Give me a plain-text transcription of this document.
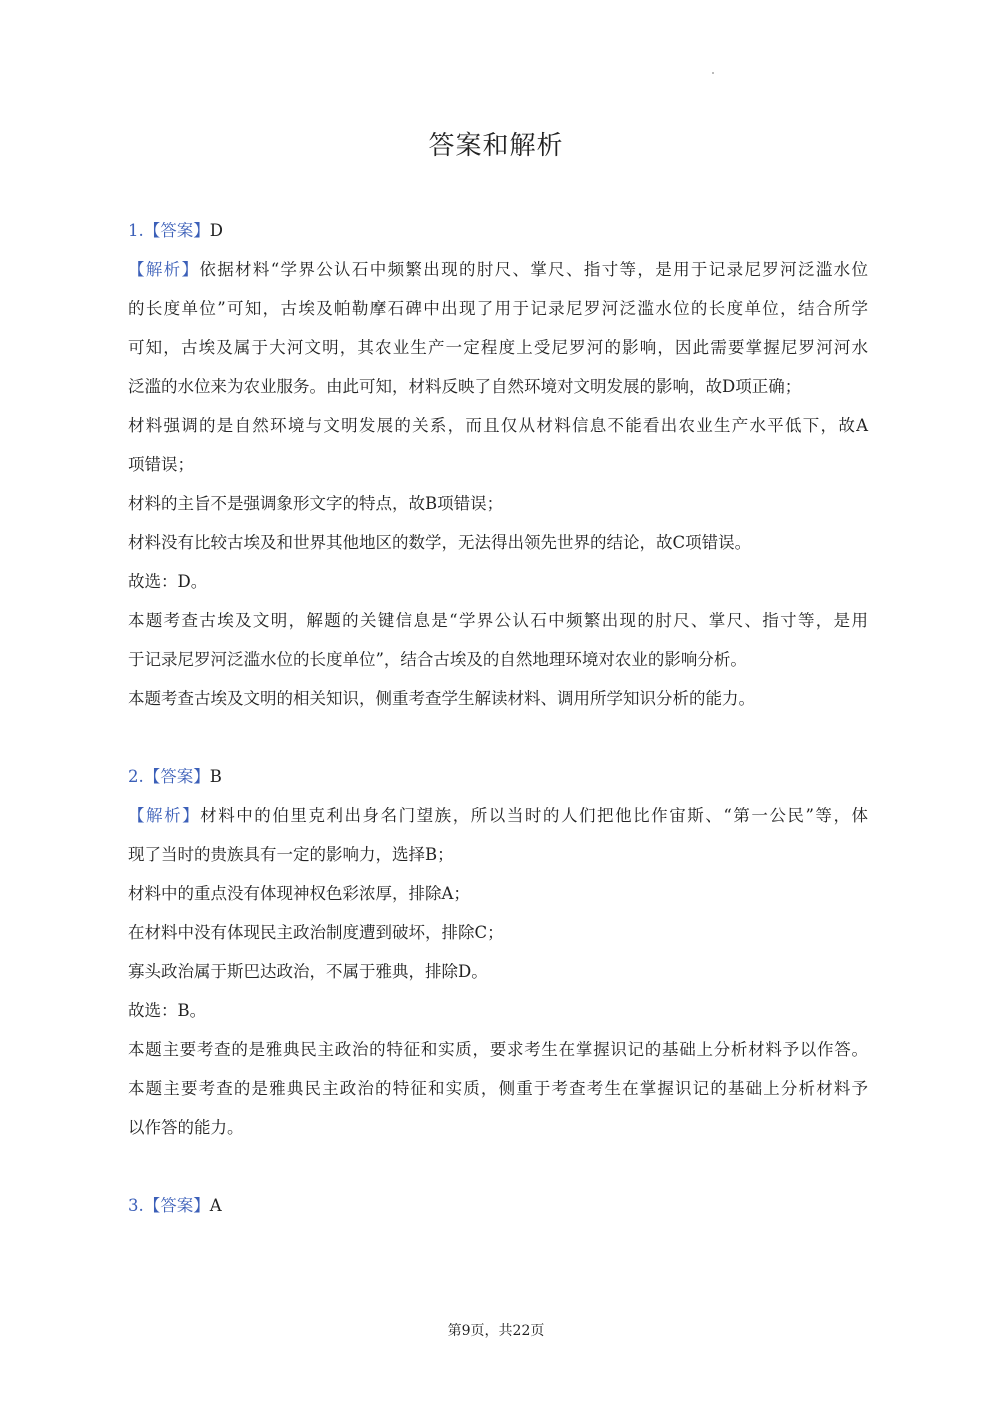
答案和解析
1.【答案】D
【解析】依据材料“学界公认石中频繁出现的肘尺、掌尺、指寸等，是用于记录尼罗河泛滥水位
的长度单位”可知，古埃及帕勒摩石碑中出现了用于记录尼罗河泛滥水位的长度单位，结合所学
可知，古埃及属于大河文明，其农业生产一定程度上受尼罗河的影响，因此需要掌握尼罗河河水
泛滥的水位来为农业服务。由此可知，材料反映了自然环境对文明发展的影响，故D项正确；
材料强调的是自然环境与文明发展的关系，而且仅从材料信息不能看出农业生产水平低下，故A
项错误；
材料的主旨不是强调象形文字的特点，故B项错误；
材料没有比较古埃及和世界其他地区的数学，无法得出领先世界的结论，故C项错误。
故选：D。
本题考查古埃及文明，解题的关键信息是“学界公认石中频繁出现的肘尺、掌尺、指寸等，是用
于记录尼罗河泛滥水位的长度单位”，结合古埃及的自然地理环境对农业的影响分析。
本题考查古埃及文明的相关知识，侧重考查学生解读材料、调用所学知识分析的能力。
2.【答案】B
【解析】材料中的伯里克利出身名门望族，所以当时的人们把他比作宙斯、“第一公民”等，体
现了当时的贵族具有一定的影响力，选择B；
材料中的重点没有体现神权色彩浓厚，排除A；
在材料中没有体现民主政治制度遭到破坏，排除C；
寡头政治属于斯巴达政治，不属于雅典，排除D。
故选：B。
本题主要考查的是雅典民主政治的特征和实质，要求考生在掌握识记的基础上分析材料予以作答。
本题主要考查的是雅典民主政治的特征和实质，侧重于考查考生在掌握识记的基础上分析材料予
以作答的能力。
3.【答案】A
第9页，共22页
